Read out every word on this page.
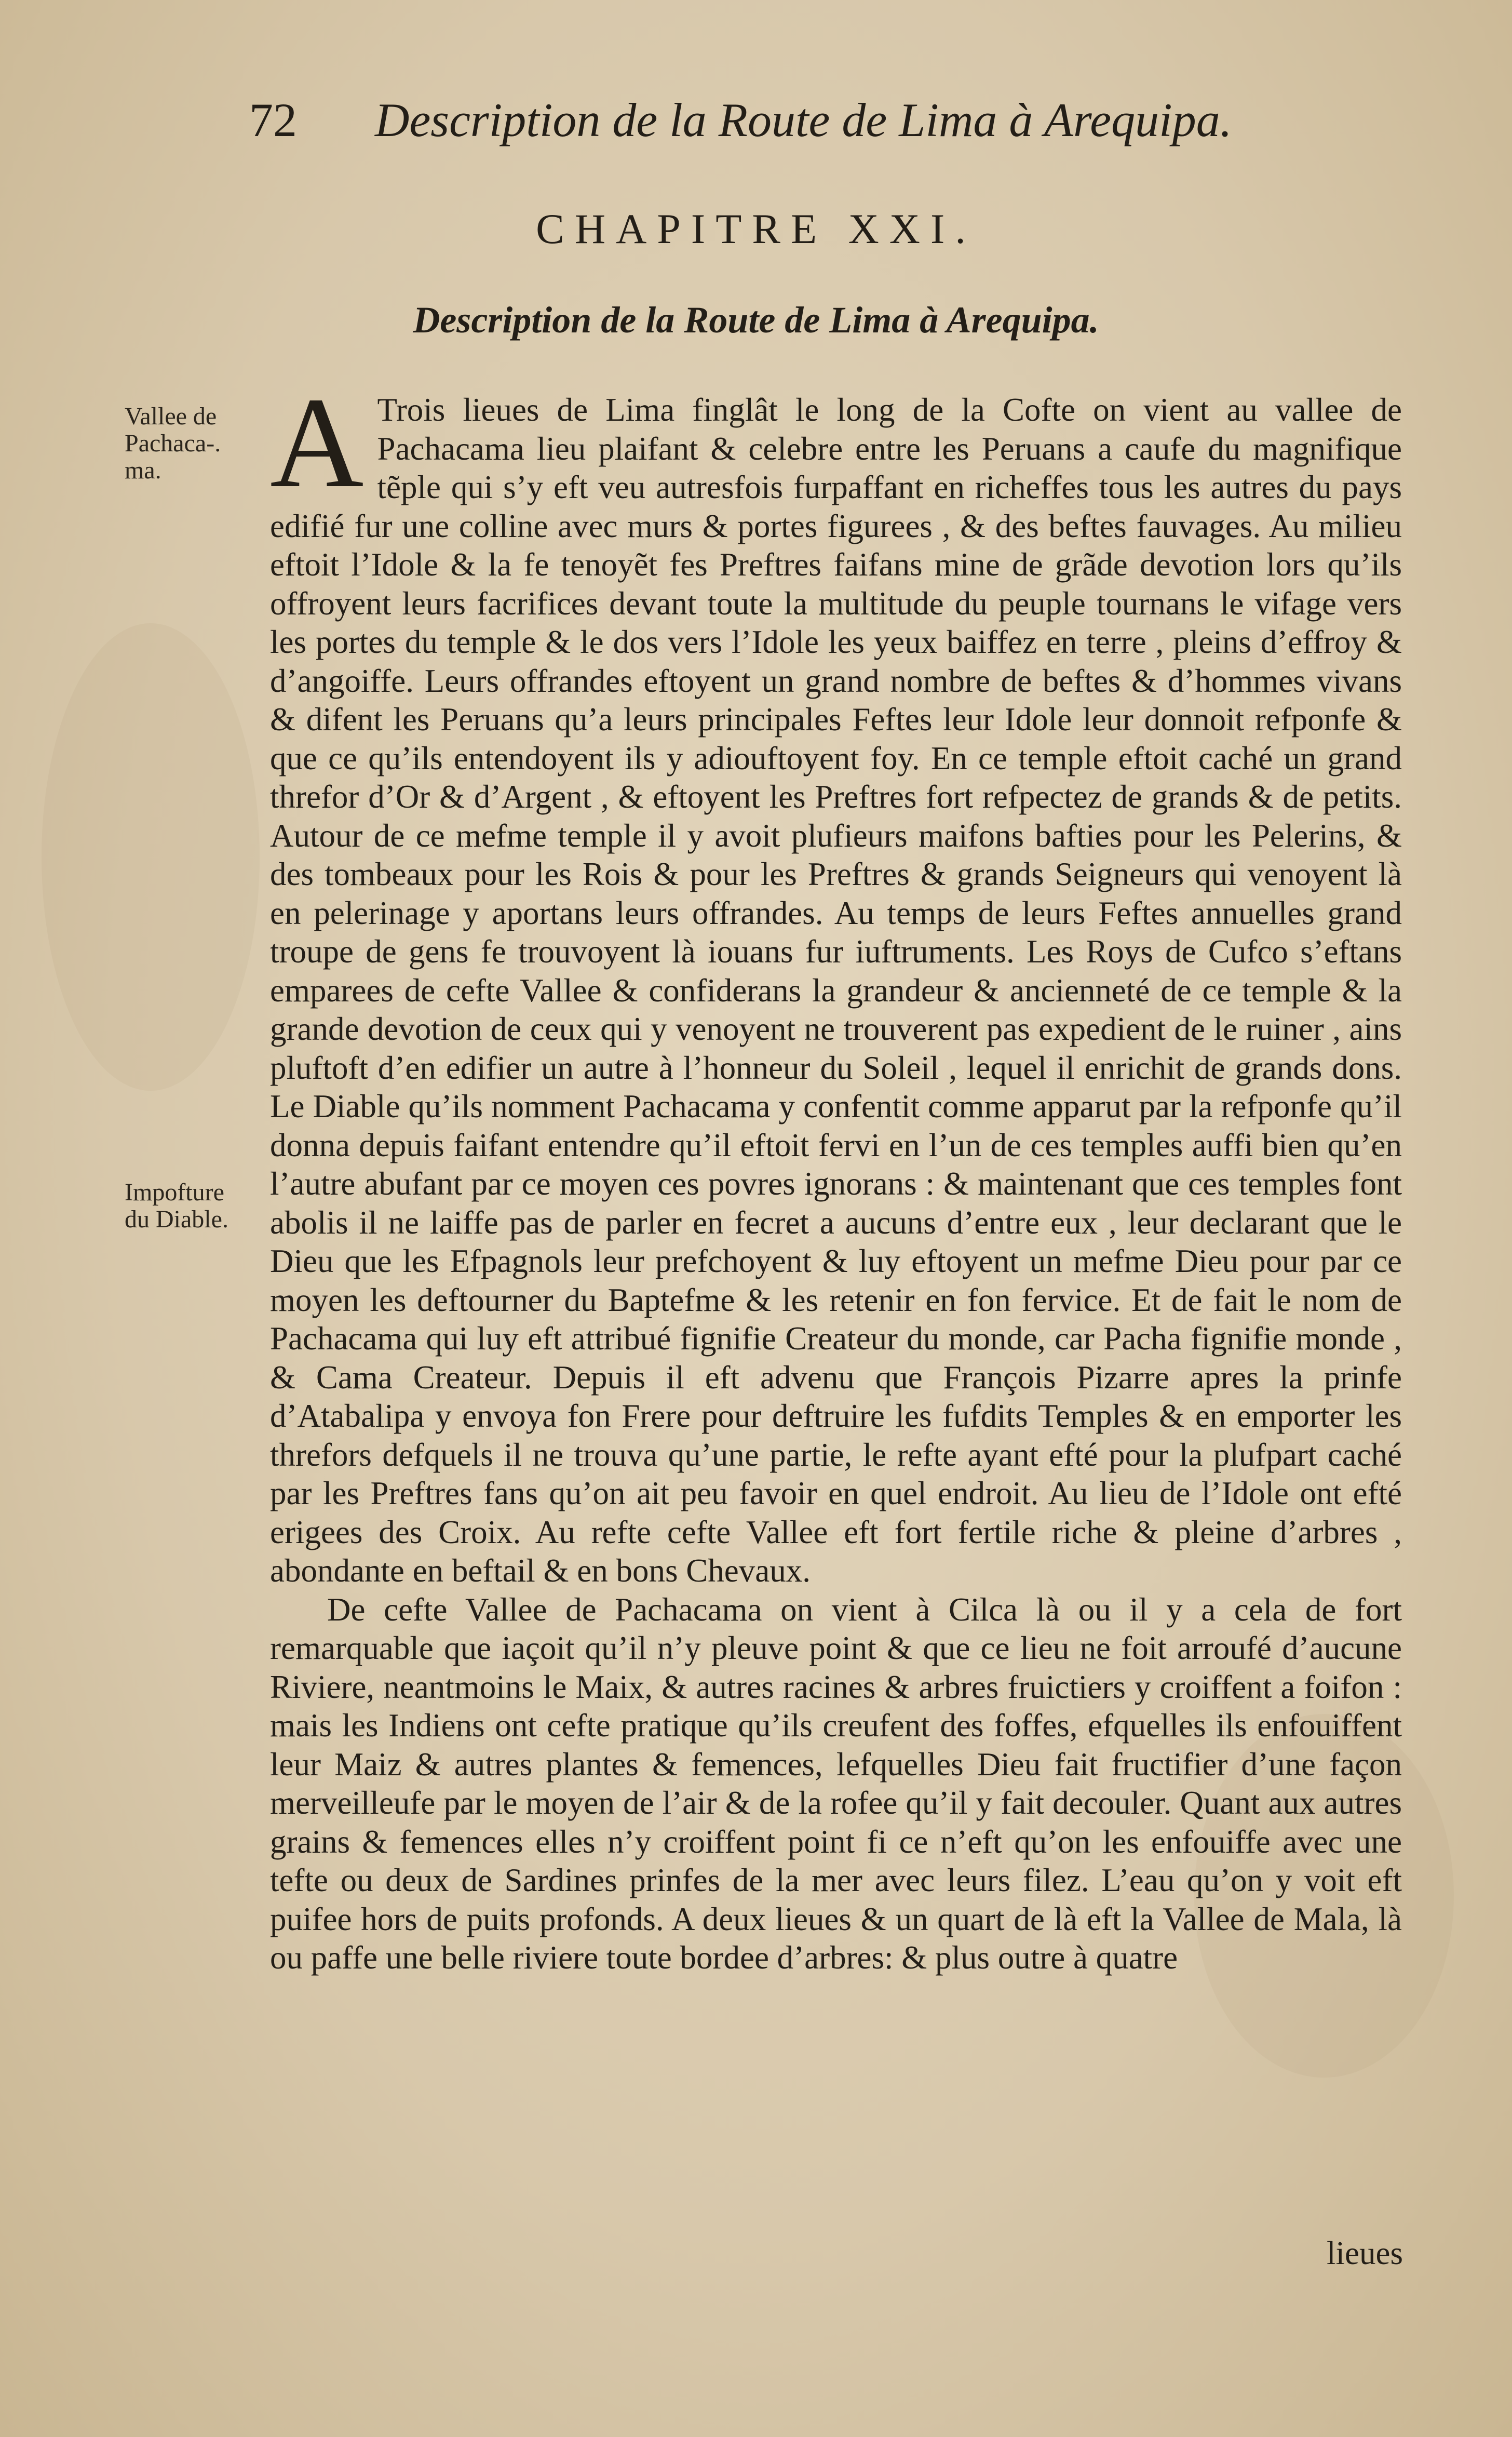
72 Description de la Route de Lima à Arequipa.
CHAPITRE XXI.
Description de la Route de Lima à Arequipa.
Vallee de Pachaca-. ma.
Impofture du Diable.

A Trois lieues de Lima finglât le long de la Cofte on vient au vallee de Pachacama lieu plaifant & celebre entre les Peruans a caufe du magnifique tẽple qui s’y eft veu autresfois furpaffant en richeffes tous les autres du pays edifié fur une colline avec murs & portes figurees , & des beftes fauvages. Au milieu eftoit l’Idole & la fe tenoyẽt fes Preftres faifans mine de grãde devotion lors qu’ils offroyent leurs facrifices devant toute la multitude du peuple tournans le vifage vers les portes du temple & le dos vers l’Idole les yeux baiffez en terre , pleins d’effroy & d’angoiffe. Leurs offrandes eftoyent un grand nombre de beftes & d’hommes vivans & difent les Peruans qu’a leurs principales Feftes leur Idole leur donnoit refponfe & que ce qu’ils entendoyent ils y adiouftoyent foy. En ce temple eftoit caché un grand threfor d’Or & d’Argent , & eftoyent les Preftres fort refpectez de grands & de petits. Autour de ce mefme temple il y avoit plufieurs maifons bafties pour les Pelerins, & des tombeaux pour les Rois & pour les Preftres & grands Seigneurs qui venoyent là en pelerinage y aportans leurs offrandes. Au temps de leurs Feftes annuelles grand troupe de gens fe trouvoyent là iouans fur iuftruments. Les Roys de Cufco s’eftans emparees de cefte Vallee & confiderans la grandeur & ancienneté de ce temple & la grande devotion de ceux qui y venoyent ne trouverent pas expedient de le ruiner , ains pluftoft d’en edifier un autre à l’honneur du Soleil , lequel il enrichit de grands dons. Le Diable qu’ils nomment Pachacama y confentit comme apparut par la refponfe qu’il donna depuis faifant entendre qu’il eftoit fervi en l’un de ces temples auffi bien qu’en l’autre abufant par ce moyen ces povres ignorans : & maintenant que ces temples font abolis il ne laiffe pas de parler en fecret a aucuns d’entre eux , leur declarant que le Dieu que les Efpagnols leur prefchoyent & luy eftoyent un mefme Dieu pour par ce moyen les deftourner du Baptefme & les retenir en fon fervice. Et de fait le nom de Pachacama qui luy eft attribué fignifie Createur du monde, car Pacha fignifie monde , & Cama Createur. Depuis il eft advenu que François Pizarre apres la prinfe d’Atabalipa y envoya fon Frere pour deftruire les fufdits Temples & en emporter les threfors defquels il ne trouva qu’une partie, le refte ayant efté pour la plufpart caché par les Preftres fans qu’on ait peu favoir en quel endroit. Au lieu de l’Idole ont efté erigees des Croix. Au refte cefte Vallee eft fort fertile riche & pleine d’arbres , abondante en beftail & en bons Chevaux.

De cefte Vallee de Pachacama on vient à Cilca là ou il y a cela de fort remarquable que iaçoit qu’il n’y pleuve point & que ce lieu ne foit arroufé d’aucune Riviere, neantmoins le Maix, & autres racines & arbres fruictiers y croiffent a foifon : mais les Indiens ont cefte pratique qu’ils creufent des foffes, efquelles ils enfouiffent leur Maiz & autres plantes & femences, lefquelles Dieu fait fructifier d’une façon merveilleufe par le moyen de l’air & de la rofee qu’il y fait decouler. Quant aux autres grains & femences elles n’y croiffent point fi ce n’eft qu’on les enfouiffe avec une tefte ou deux de Sardines prinfes de la mer avec leurs filez. L’eau qu’on y voit eft puifee hors de puits profonds. A deux lieues & un quart de là eft la Vallee de Mala, là ou paffe une belle riviere toute bordee d’arbres: & plus outre à quatre

lieues
